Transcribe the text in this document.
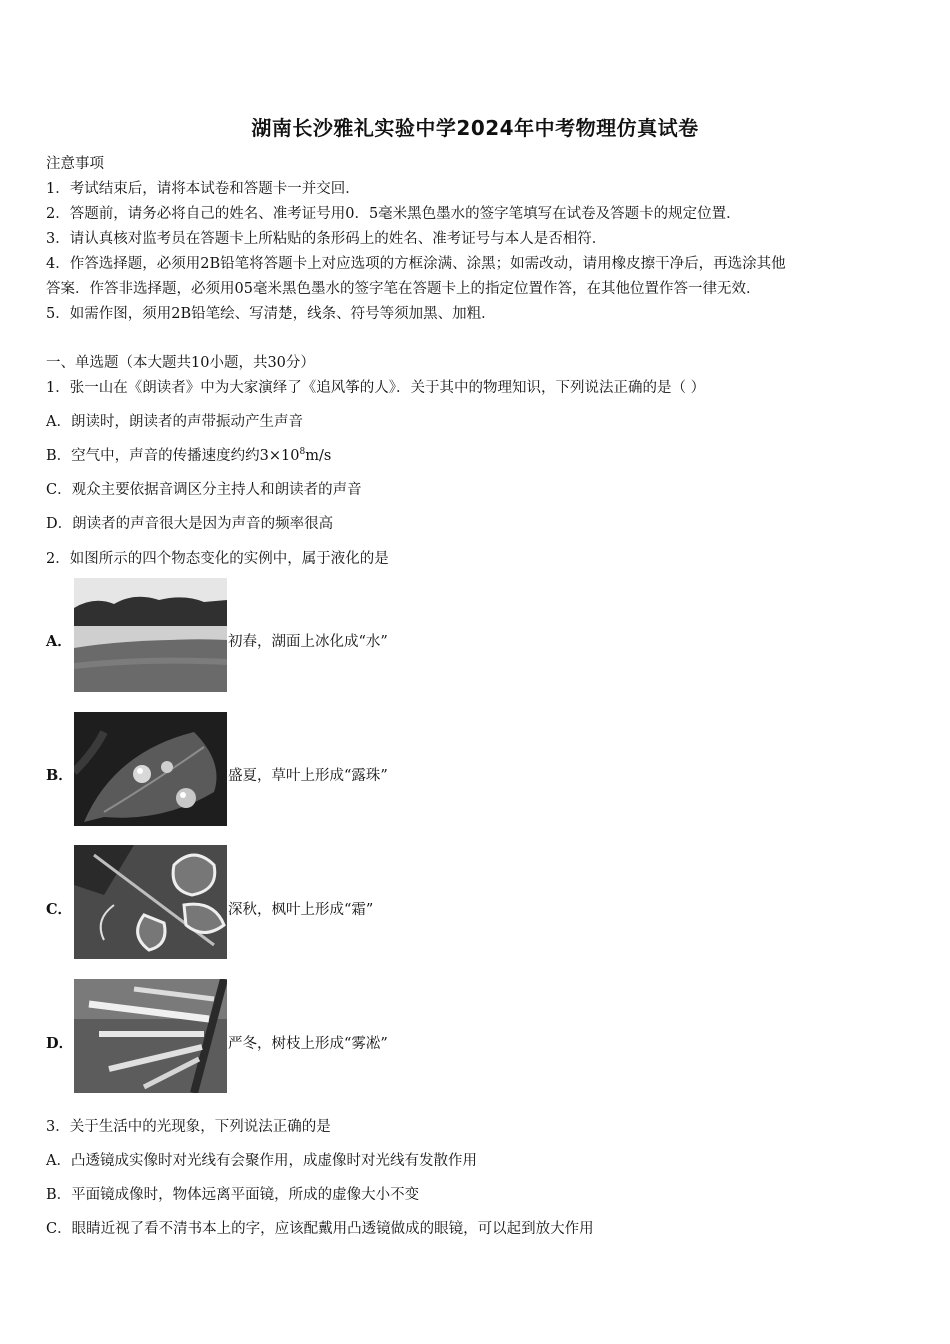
湖南长沙雅礼实验中学2024年中考物理仿真试卷
注意事项
1．考试结束后，请将本试卷和答题卡一并交回．
2．答题前，请务必将自己的姓名、准考证号用0．5毫米黑色墨水的签字笔填写在试卷及答题卡的规定位置．
3．请认真核对监考员在答题卡上所粘贴的条形码上的姓名、准考证号与本人是否相符．
4．作答选择题，必须用2B铅笔将答题卡上对应选项的方框涂满、涂黑；如需改动，请用橡皮擦干净后，再选涂其他
答案．作答非选择题，必须用05毫米黑色墨水的签字笔在答题卡上的指定位置作答，在其他位置作答一律无效．
5．如需作图，须用2B铅笔绘、写清楚，线条、符号等须加黑、加粗．
一、单选题（本大题共10小题，共30分）
1．张一山在《朗读者》中为大家演绎了《追风筝的人》．关于其中的物理知识，下列说法正确的是（ ）
A．朗读时，朗读者的声带振动产生声音
B．空气中，声音的传播速度约约$3\times 10^8m/s$
C．观众主要依据音调区分主持人和朗读者的声音
D．朗读者的声音很大是因为声音的频率很高
2．如图所示的四个物态变化的实例中，属于液化的是
A．	初春，湖面上冰化成“水”
B．	盛夏，草叶上形成“露珠”
C．	深秋，枫叶上形成“霜”
D．	严冬，树枝上形成“雾凇”
3．关于生活中的光现象，下列说法正确的是
A．凸透镜成实像时对光线有会聚作用，成虚像时对光线有发散作用
B．平面镜成像时，物体远离平面镜，所成的虚像大小不变
C．眼睛近视了看不清书本上的字，应该配戴用凸透镜做成的眼镜，可以起到放大作用
